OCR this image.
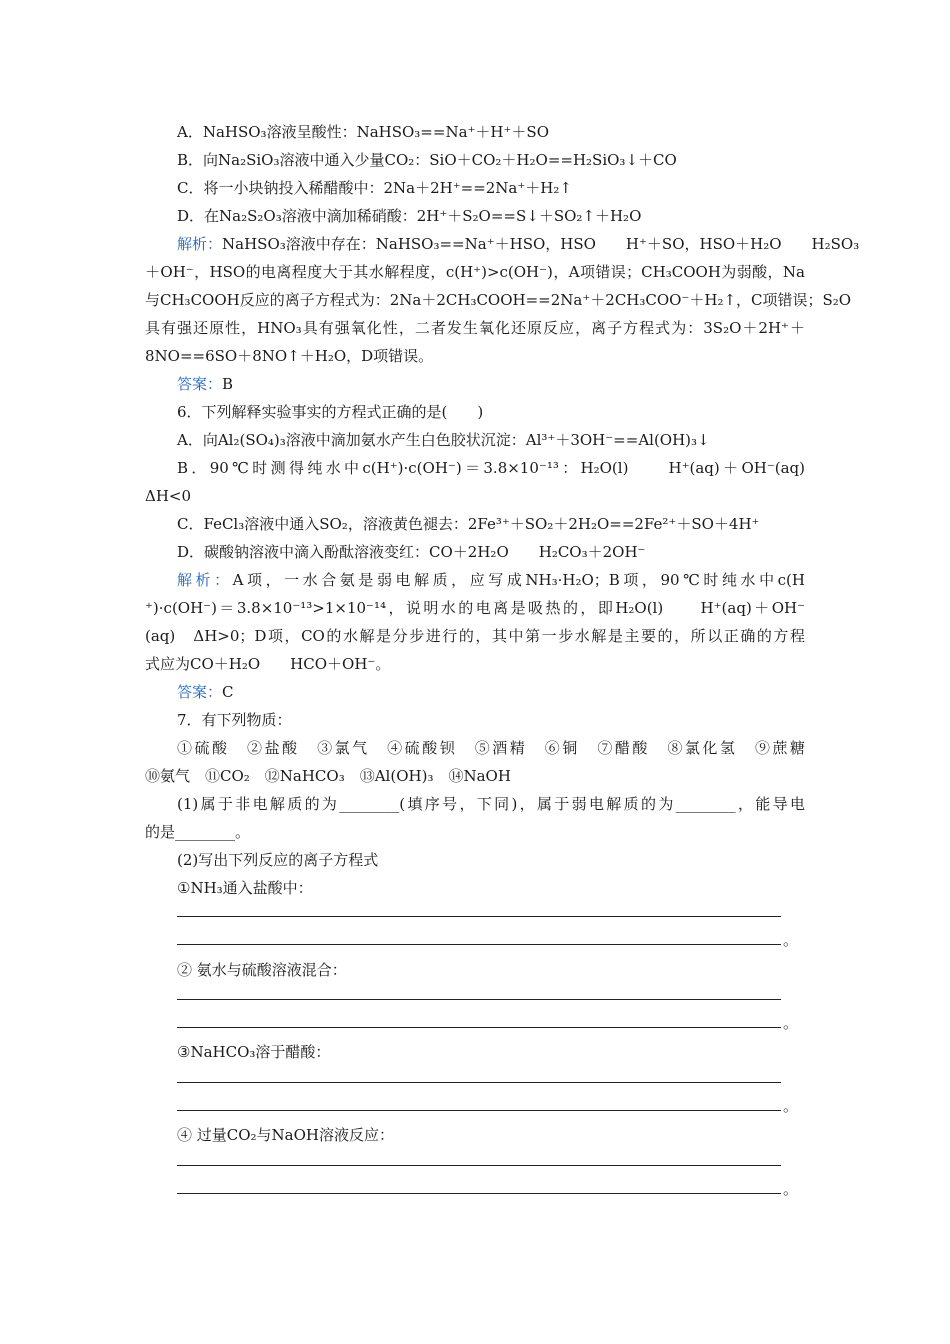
A．NaHSO₃溶液呈酸性：NaHSO₃==Na⁺＋H⁺＋SO
B．向Na₂SiO₃溶液中通入少量CO₂：SiO＋CO₂＋H₂O==H₂SiO₃↓＋CO
C．将一小块钠投入稀醋酸中：2Na＋2H⁺==2Na⁺＋H₂↑
D．在Na₂S₂O₃溶液中滴加稀硝酸：2H⁺＋S₂O==S↓＋SO₂↑＋H₂O
解析：NaHSO₃溶液中存在：NaHSO₃==Na⁺＋HSO，HSO　　H⁺＋SO，HSO＋H₂O　　H₂SO₃
＋OH⁻，HSO的电离程度大于其水解程度，c(H⁺)>c(OH⁻)，A项错误；CH₃COOH为弱酸，Na
与CH₃COOH反应的离子方程式为：2Na＋2CH₃COOH==2Na⁺＋2CH₃COO⁻＋H₂↑，C项错误；S₂O
具有强还原性，HNO₃具有强氧化性，二者发生氧化还原反应，离子方程式为：3S₂O＋2H⁺＋
8NO==6SO＋8NO↑＋H₂O，D项错误。
答案：B
6．下列解释实验事实的方程式正确的是(　　)
A．向Al₂(SO₄)₃溶液中滴加氨水产生白色胶状沉淀：Al³⁺＋3OH⁻==Al(OH)₃↓
B．90℃时测得纯水中c(H⁺)·c(OH⁻)＝3.8×10⁻¹³：H₂O(l)　　H⁺(aq)＋OH⁻(aq)
ΔH<0
C．FeCl₃溶液中通入SO₂，溶液黄色褪去：2Fe³⁺＋SO₂＋2H₂O==2Fe²⁺＋SO＋4H⁺
D．碳酸钠溶液中滴入酚酞溶液变红：CO＋2H₂O　　H₂CO₃＋2OH⁻
解析：A项，一水合氨是弱电解质，应写成NH₃·H₂O；B项，90℃时纯水中c(H
⁺)·c(OH⁻)＝3.8×10⁻¹³>1×10⁻¹⁴，说明水的电离是吸热的，即H₂O(l)　　H⁺(aq)＋OH⁻
(aq)　ΔH>0；D项，CO的水解是分步进行的，其中第一步水解是主要的，所以正确的方程
式应为CO＋H₂O　　HCO＋OH⁻。
答案：C
7．有下列物质：
①硫酸　②盐酸　③氯气　④硫酸钡　⑤酒精　⑥铜　⑦醋酸　⑧氯化氢　⑨蔗糖
⑩氨气　⑪CO₂　⑫NaHCO₃　⑬Al(OH)₃　⑭NaOH
(1)属于非电解质的为________(填序号，下同)，属于弱电解质的为________，能导电
的是________。
(2)写出下列反应的离子方程式
①NH₃通入盐酸中：
。
② 氨水与硫酸溶液混合：
。
③NaHCO₃溶于醋酸：
。
④ 过量CO₂与NaOH溶液反应：
。
